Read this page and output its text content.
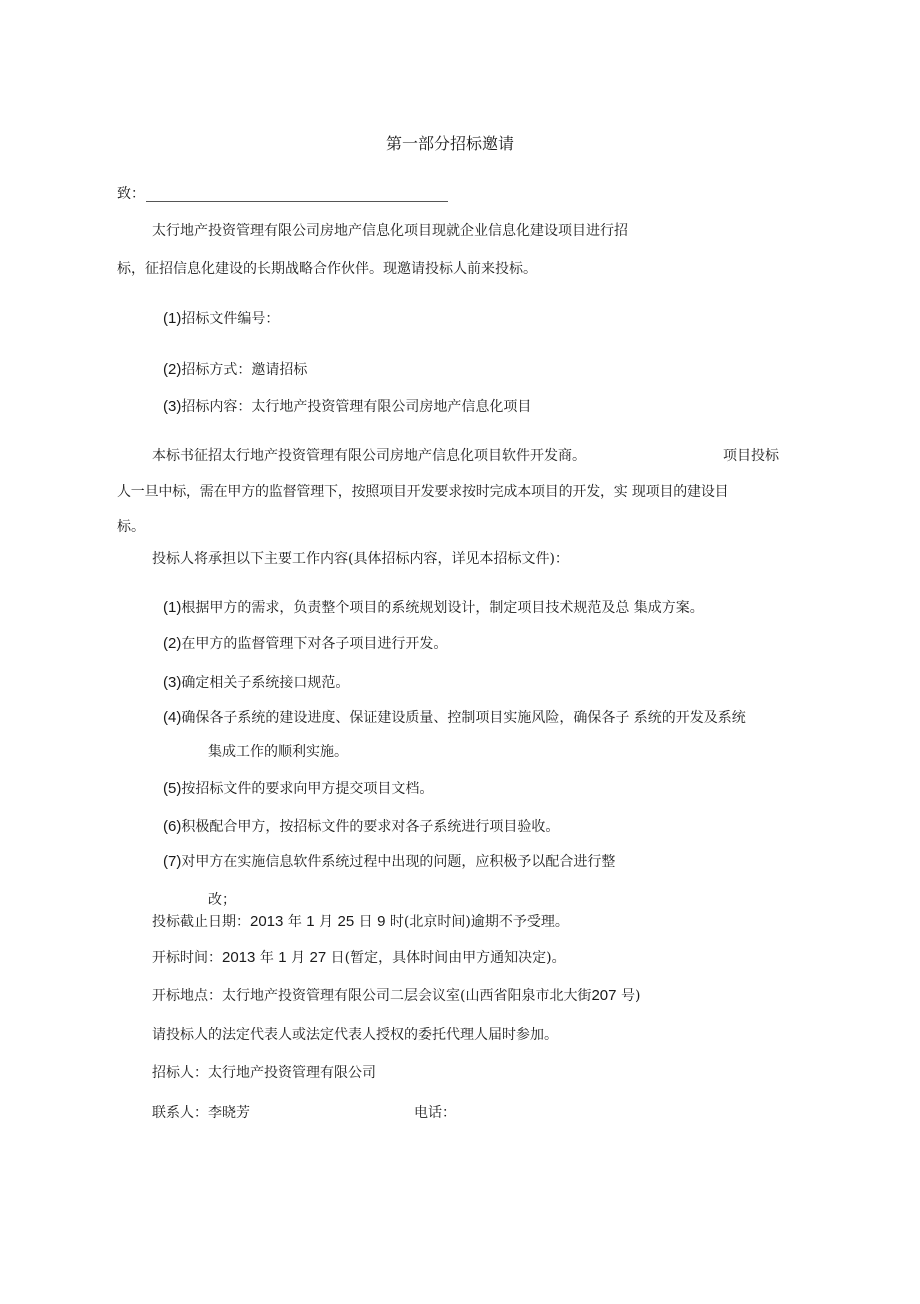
第一部分招标邀请
致：
太行地产投资管理有限公司房地产信息化项目现就企业信息化建设项目进行招
标，征招信息化建设的长期战略合作伙伴。现邀请投标人前来投标。
(1)招标文件编号：
(2)招标方式：邀请招标
(3)招标内容：太行地产投资管理有限公司房地产信息化项目
本标书征招太行地产投资管理有限公司房地产信息化项目软件开发商。	项目投标
人一旦中标，需在甲方的监督管理下，按照项目开发要求按时完成本项目的开发，实 现项目的建设目
标。
投标人将承担以下主要工作内容(具体招标内容，详见本招标文件)：
(1)根据甲方的需求，负责整个项目的系统规划设计，制定项目技术规范及总 集成方案。
(2)在甲方的监督管理下对各子项目进行开发。
(3)确定相关子系统接口规范。
(4)确保各子系统的建设进度、保证建设质量、控制项目实施风险，确保各子 系统的开发及系统
集成工作的顺利实施。
(5)按招标文件的要求向甲方提交项目文档。
(6)积极配合甲方，按招标文件的要求对各子系统进行项目验收。
(7)对甲方在实施信息软件系统过程中出现的问题，应积极予以配合进行整
改；
投标截止日期：2013 年 1 月 25 日 9 时(北京时间)逾期不予受理。
开标时间：2013 年 1 月 27 日(暂定，具体时间由甲方通知决定)。
开标地点：太行地产投资管理有限公司二层会议室(山西省阳泉市北大街207 号)
请投标人的法定代表人或法定代表人授权的委托代理人届时参加。
招标人：太行地产投资管理有限公司
联系人：李晓芳	电话：
